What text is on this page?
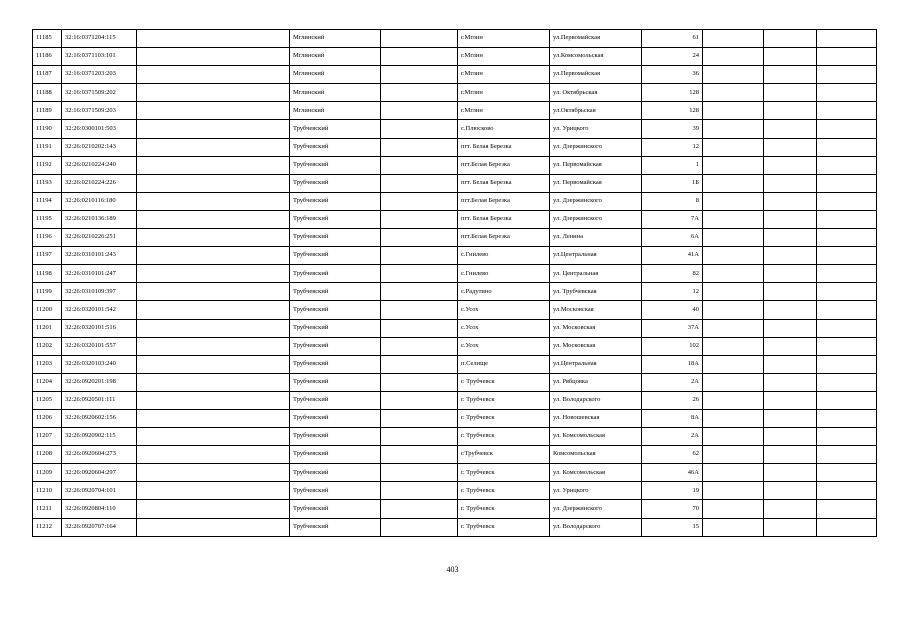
11185	32:16:0371204:115		Мглинский		г.Мглин	ул.Первомайская	61			
11186	32:16:0371103:101		Мглинский		г.Мглин	ул.Комсомольская	24			
11187	32:16:0371203:203		Мглинский		г.Мглин	ул.Первомайская	36			
11188	32:16:0371509:202		Мглинский		г.Мглин	ул. Октябрьская	128			
11189	32:16:0371509:203		Мглинский		г.Мглин	ул.Октябрьская	128			
11190	32:26:0300101:503		Трубчевский		с.Плюсково	ул. Урицкого	39			
11191	32:26:0210202:143		Трубчевский		пгт. Белая Березка	ул. Дзержинского	12			
11192	32:26:0210224:240		Трубчевский		пгт.Белая Березка	ул. Первомайская	1			
11193	32:26:0210224:226		Трубчевский		пгт. Белая Березка	ул. Первомайская	1Б			
11194	32:26:0210116:180		Трубчевский		пгт.Белая Березка	ул. Дзержинского	8			
11195	32:26:0210136:189		Трубчевский		пгт. Белая Березка	ул. Дзержинского	7А			
11196	32:26:0210226:251		Трубчевский		пгт.Белая Березка	ул. Ленина	6А			
11197	32:26:0310101:243		Трубчевский		с.Гнилево	ул.Центральная	41А			
11198	32:26:0310101:247		Трубчевский		с.Гнилево	ул. Центральная	82			
11199	32:26:0310109:397		Трубчевский		с.Радутино	ул. Трубчевская	12			
11200	32:26:0320101:542		Трубчевский		с.Усох	ул.Московская	40			
11201	32:26:0320101:516		Трубчевский		с.Усох	ул. Московская	37А			
11202	32:26:0320101:557		Трубчевский		с.Усох	ул. Московская	102			
11203	32:26:0320103:240		Трубчевский		п.Селище	ул.Центральная	18А			
11204	32:26:0920201:198		Трубчевский		г. Трубчевск	ул. Рябцовка	2А			
11205	32:26:0920501:111		Трубчевский		г. Трубчевск	ул. Володарского	26			
11206	32:26:0920602:156		Трубчевский		г. Трубчевск	ул. Новошевская	8А			
11207	32:26:0920902:115		Трубчевский		г. Трубчевск	ул. Комсомольская	2А			
11208	32:26:0920604:273		Трубчевский		г.Трубчевск	Комсомольская	62			
11209	32:26:0920604:297		Трубчевский		г. Трубчевск	ул. Комсомольская	46А			
11210	32:26:0920704:101		Трубчевский		г. Трубчевск	ул. Урицкого	19			
11211	32:26:0920804:110		Трубчевский		г. Трубчевск	ул. Дзержинского	70			
11212	32:26:0920707:164		Трубчевский		г. Трубчевск	ул. Володарского	15			
403
